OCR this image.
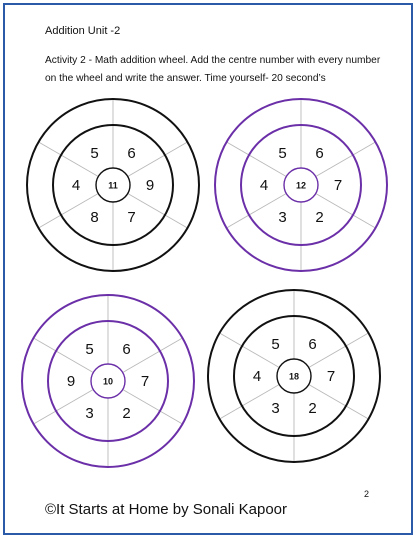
Addition Unit -2
Activity 2 - Math addition wheel. Add the centre number with every number on the wheel and write the answer. Time yourself- 20 second’s
11
5 6
9
7
8
4	12
5 6
7
2
3
4
10
5 6
7
2
3
9	18
5 6
7
2
3
4
2
©It Starts at Home by Sonali Kapoor
